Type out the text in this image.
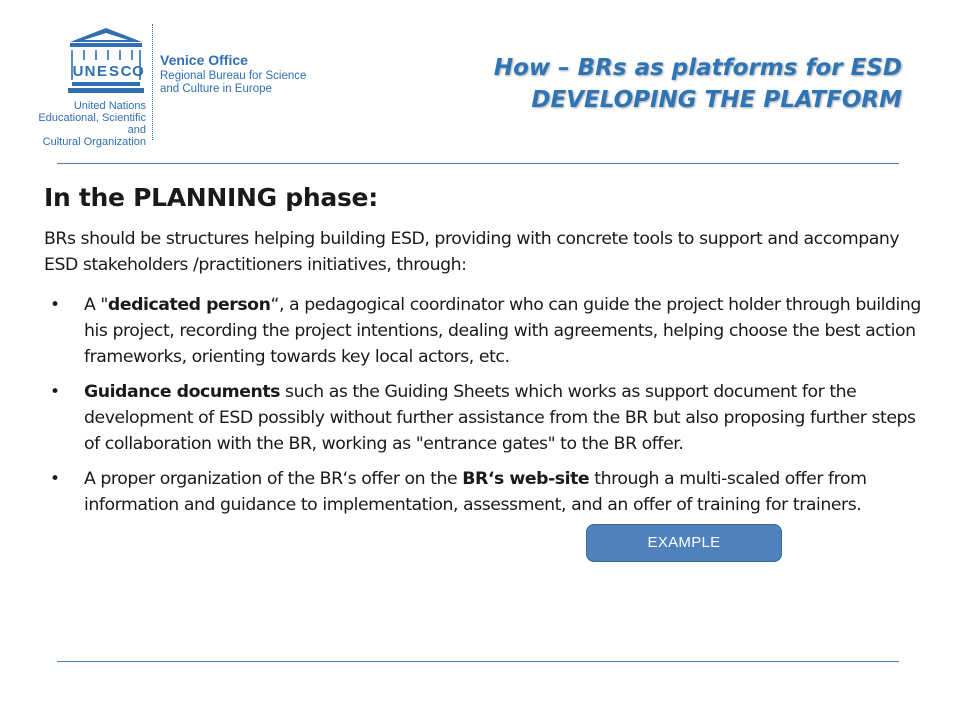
U N E S C O
United Nations
Educational, Scientific and
Cultural Organization
Venice Office
Regional Bureau for Science
and Culture in Europe
How – BRs as platforms for ESD
DEVELOPING THE PLATFORM
In the PLANNING phase:
BRs should be structures helping building ESD, providing with concrete tools to support and accompany ESD stakeholders /practitioners initiatives, through:
• A "dedicated person“, a pedagogical coordinator who can guide the project holder through building his project, recording the project intentions, dealing with agreements, helping choose the best action frameworks, orienting towards key local actors, etc.
• Guidance documents such as the Guiding Sheets which works as support document for the development of ESD possibly without further assistance from the BR but also proposing further steps of collaboration with the BR, working as "entrance gates" to the BR offer.
• A proper organization of the BR‘s offer on the BR‘s web-site through a multi-scaled offer from information and guidance to implementation, assessment, and an offer of training for trainers.
EXAMPLE
